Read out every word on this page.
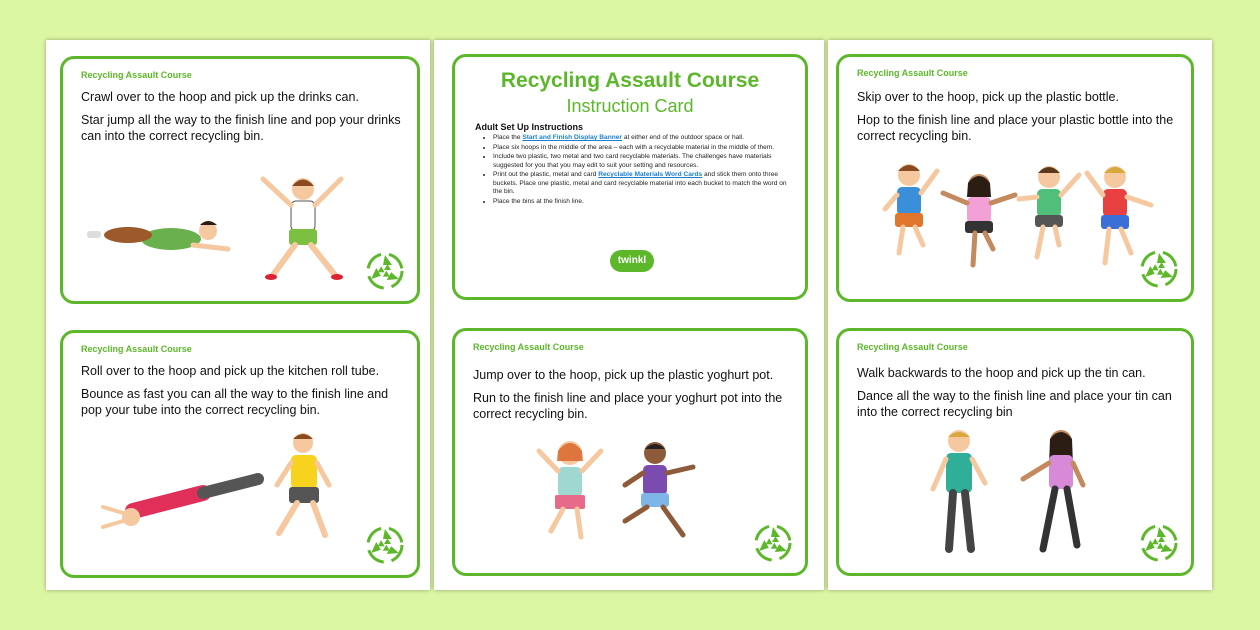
Recycling Assault Course

Crawl over to the hoop and pick up the drinks can.

Star jump all the way to the finish line and pop your drinks can into the correct recycling bin.

Recycling Assault Course

Roll over to the hoop and pick up the kitchen roll tube.

Bounce as fast you can all the way to the finish line and pop your tube into the correct recycling bin.

Recycling Assault Course
Instruction Card
Adult Set Up Instructions
• Place the Start and Finish Display Banner at either end of the outdoor space or hall.
• Place six hoops in the middle of the area – each with a recyclable material in the middle of them.
• Include two plastic, two metal and two card recyclable materials. The challenges have materials suggested for you that you may edit to suit your setting and resources.
• Print out the plastic, metal and card Recyclable Materials Word Cards and stick them onto three buckets. Place one plastic, metal and card recyclable material into each bucket to match the word on the bin.
• Place the bins at the finish line.
twinkl
Recycling Assault Course

Jump over to the hoop, pick up the plastic yoghurt pot.

Run to the finish line and place your yoghurt pot into the correct recycling bin.

Recycling Assault Course

Skip over to the hoop, pick up the plastic bottle.

Hop to the finish line and place your plastic bottle into the correct recycling bin.

Recycling Assault Course

Walk backwards to the hoop and pick up the tin can.

Dance all the way to the finish line and place your tin can into the correct recycling bin
